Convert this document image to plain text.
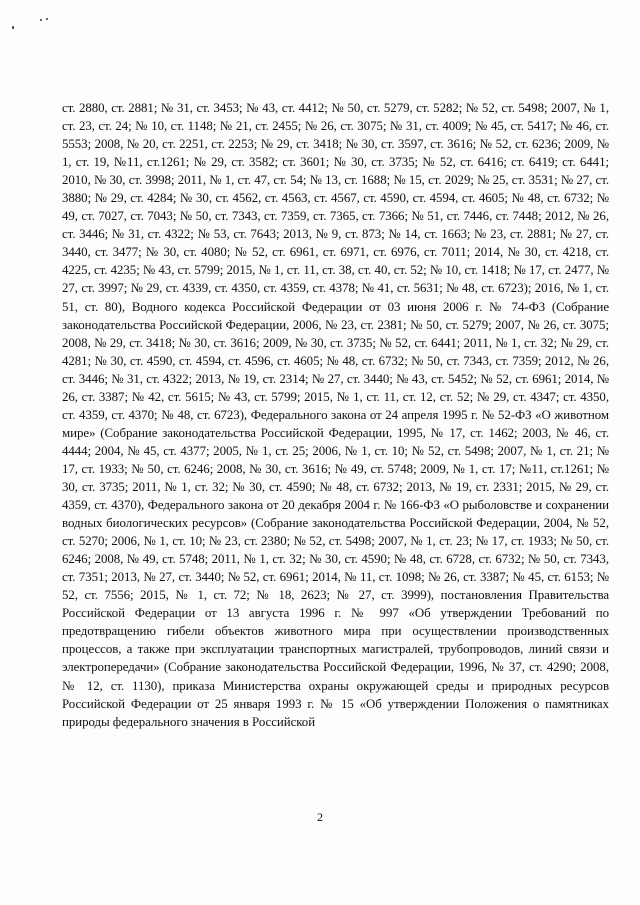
ст. 2880, ст. 2881; № 31, ст. 3453; № 43, ст. 4412; № 50, ст. 5279, ст. 5282; № 52, ст. 5498; 2007, № 1, ст. 23, ст. 24; № 10, ст. 1148; № 21, ст. 2455; № 26, ст. 3075; № 31, ст. 4009; № 45, ст. 5417; № 46, ст. 5553; 2008, № 20, ст. 2251, ст. 2253; № 29, ст. 3418; № 30, ст. 3597, ст. 3616; № 52, ст. 6236; 2009, № 1, ст. 19, №11, ст.1261; № 29, ст. 3582; ст. 3601; № 30, ст. 3735; № 52, ст. 6416; ст. 6419; ст. 6441; 2010, № 30, ст. 3998; 2011, № 1, ст. 47, ст. 54; № 13, ст. 1688; № 15, ст. 2029; № 25, ст. 3531; № 27, ст. 3880; № 29, ст. 4284; № 30, ст. 4562, ст. 4563, ст. 4567, ст. 4590, ст. 4594, ст. 4605; № 48, ст. 6732; № 49, ст. 7027, ст. 7043; № 50, ст. 7343, ст. 7359, ст. 7365, ст. 7366; № 51, ст. 7446, ст. 7448; 2012, № 26, ст. 3446; № 31, ст. 4322; № 53, ст. 7643; 2013, № 9, ст. 873; № 14, ст. 1663; № 23, ст. 2881; № 27, ст. 3440, ст. 3477; № 30, ст. 4080; № 52, ст. 6961, ст. 6971, ст. 6976, ст. 7011; 2014, № 30, ст. 4218, ст. 4225, ст. 4235; № 43, ст. 5799; 2015, № 1, ст. 11, ст. 38, ст. 40, ст. 52; № 10, ст. 1418; № 17, ст. 2477, № 27, ст. 3997; № 29, ст. 4339, ст. 4350, ст. 4359, ст. 4378; № 41, ст. 5631; № 48, ст. 6723); 2016, № 1, ст. 51, ст. 80), Водного кодекса Российской Федерации от 03 июня 2006 г. № 74-ФЗ (Собрание законодательства Российской Федерации, 2006, № 23, ст. 2381; № 50, ст. 5279; 2007, № 26, ст. 3075; 2008, № 29, ст. 3418; № 30, ст. 3616; 2009, № 30, ст. 3735; № 52, ст. 6441; 2011, № 1, ст. 32; № 29, ст. 4281; № 30, ст. 4590, ст. 4594, ст. 4596, ст. 4605; № 48, ст. 6732; № 50, ст. 7343, ст. 7359; 2012, № 26, ст. 3446; № 31, ст. 4322; 2013, № 19, ст. 2314; № 27, ст. 3440; № 43, ст. 5452; № 52, ст. 6961; 2014, № 26, ст. 3387; № 42, ст. 5615; № 43, ст. 5799; 2015, № 1, ст. 11, ст. 12, ст. 52; № 29, ст. 4347; ст. 4350, ст. 4359, ст. 4370; № 48, ст. 6723), Федерального закона от 24 апреля 1995 г. № 52-ФЗ «О животном мире» (Собрание законодательства Российской Федерации, 1995, № 17, ст. 1462; 2003, № 46, ст. 4444; 2004, № 45, ст. 4377; 2005, № 1, ст. 25; 2006, № 1, ст. 10; № 52, ст. 5498; 2007, № 1, ст. 21; № 17, ст. 1933; № 50, ст. 6246; 2008, № 30, ст. 3616; № 49, ст. 5748; 2009, № 1, ст. 17; №11, ст.1261; № 30, ст. 3735; 2011, № 1, ст. 32; № 30, ст. 4590; № 48, ст. 6732; 2013, № 19, ст. 2331; 2015, № 29, ст. 4359, ст. 4370), Федерального закона от 20 декабря 2004 г. № 166-ФЗ «О рыболовстве и сохранении водных биологических ресурсов» (Собрание законодательства Российской Федерации, 2004, № 52, ст. 5270; 2006, № 1, ст. 10; № 23, ст. 2380; № 52, ст. 5498; 2007, № 1, ст. 23; № 17, ст. 1933; № 50, ст. 6246; 2008, № 49, ст. 5748; 2011, № 1, ст. 32; № 30, ст. 4590; № 48, ст. 6728, ст. 6732; № 50, ст. 7343, ст. 7351; 2013, № 27, ст. 3440; № 52, ст. 6961; 2014, № 11, ст. 1098; № 26, ст. 3387; № 45, ст. 6153; № 52, ст. 7556; 2015, № 1, ст. 72; № 18, 2623; № 27, ст. 3999), постановления Правительства Российской Федерации от 13 августа 1996 г. № 997 «Об утверждении Требований по предотвращению гибели объектов животного мира при осуществлении производственных процессов, а также при эксплуатации транспортных магистралей, трубопроводов, линий связи и электропередачи» (Собрание законодательства Российской Федерации, 1996, № 37, ст. 4290; 2008, № 12, ст. 1130), приказа Министерства охраны окружающей среды и природных ресурсов Российской Федерации от 25 января 1993 г. № 15 «Об утверждении Положения о памятниках природы федерального значения в Российской

2
